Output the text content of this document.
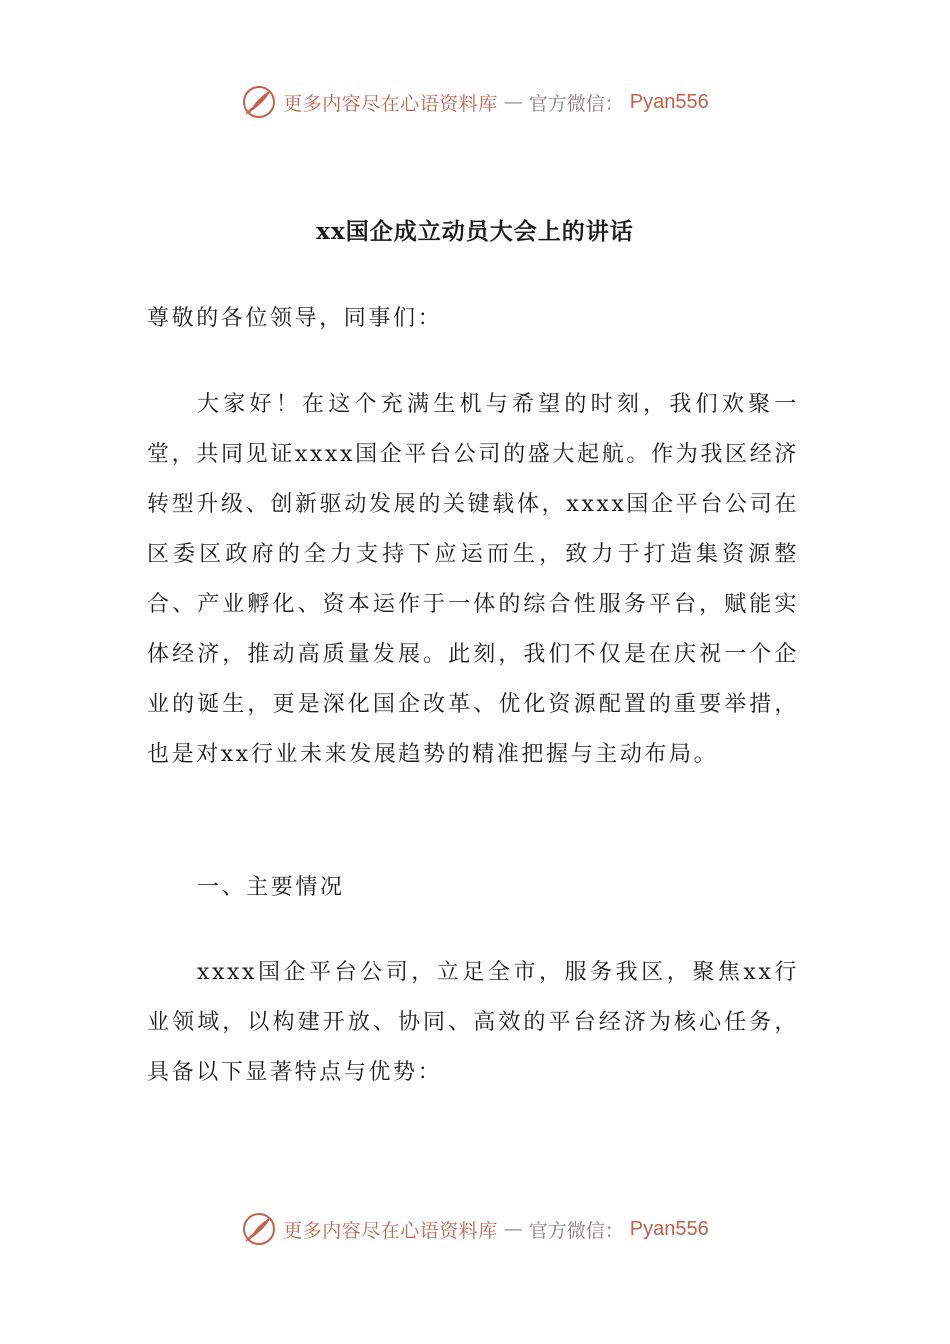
更多内容尽在心语资料库 — 官方微信： Pyan556
xx国企成立动员大会上的讲话

尊敬的各位领导，同事们：

大家好！在这个充满生机与希望的时刻，我们欢聚一堂，共同见证xxxx国企平台公司的盛大起航。作为我区经济转型升级、创新驱动发展的关键载体，xxxx国企平台公司在区委区政府的全力支持下应运而生，致力于打造集资源整合、产业孵化、资本运作于一体的综合性服务平台，赋能实体经济，推动高质量发展。此刻，我们不仅是在庆祝一个企业的诞生，更是深化国企改革、优化资源配置的重要举措，也是对xx行业未来发展趋势的精准把握与主动布局。

一、主要情况

xxxx国企平台公司，立足全市，服务我区，聚焦xx行业领域，以构建开放、协同、高效的平台经济为核心任务，具备以下显著特点与优势：

更多内容尽在心语资料库 — 官方微信： Pyan556
